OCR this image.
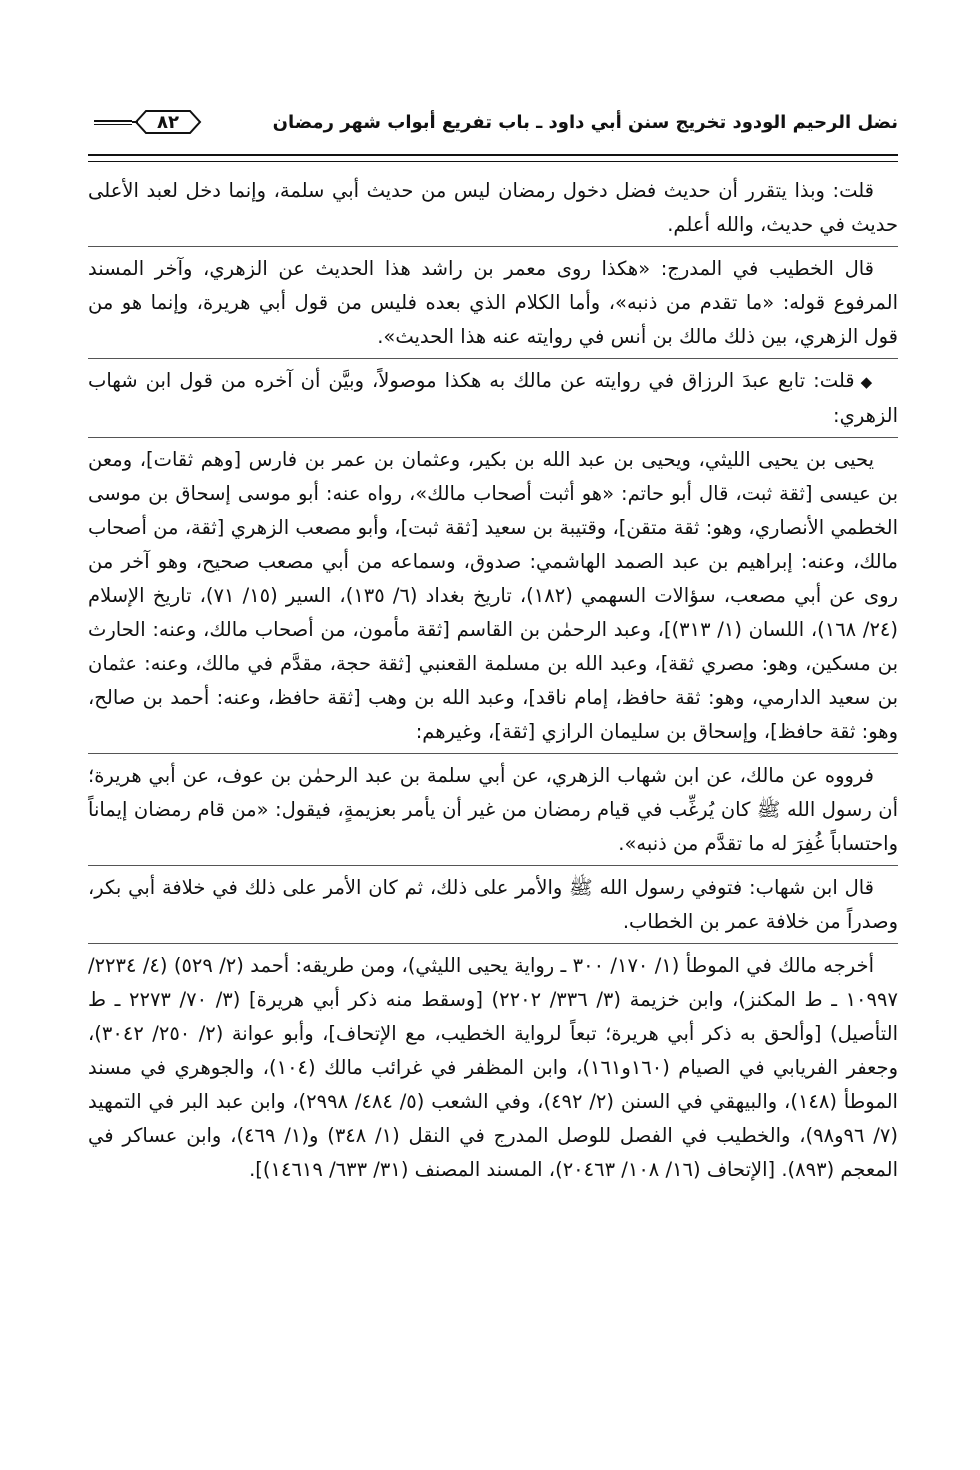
نضل الرحيم الودود تخريج سنن أبي داود ـ باب تفريع أبواب شهر رمضان
٨٢

قلت: وبذا يتقرر أن حديث فضل دخول رمضان ليس من حديث أبي سلمة، وإنما دخل لعبد الأعلى حديث في حديث، والله أعلم.

قال الخطيب في المدرج: «هكذا روى معمر بن راشد هذا الحديث عن الزهري، وآخر المسند المرفوع قوله: «ما تقدم من ذنبه»، وأما الكلام الذي بعده فليس من قول أبي هريرة، وإنما هو من قول الزهري، بين ذلك مالك بن أنس في روايته عنه هذا الحديث».

◆قلت: تابع عبدَ الرزاق في روايته عن مالك به هكذا موصولاً، وبيَّن أن آخره من قول ابن شهاب الزهري:

يحيى بن يحيى الليثي، ويحيى بن عبد الله بن بكير، وعثمان بن عمر بن فارس [وهم ثقات]، ومعن بن عيسى [ثقة ثبت، قال أبو حاتم: «هو أثبت أصحاب مالك»، رواه عنه: أبو موسى إسحاق بن موسى الخطمي الأنصاري، وهو: ثقة متقن]، وقتيبة بن سعيد [ثقة ثبت]، وأبو مصعب الزهري [ثقة، من أصحاب مالك، وعنه: إبراهيم بن عبد الصمد الهاشمي: صدوق، وسماعه من أبي مصعب صحيح، وهو آخر من روى عن أبي مصعب، سؤالات السهمي (١٨٢)، تاريخ بغداد (٦/ ١٣٥)، السير (١٥/ ٧١)، تاريخ الإسلام (٢٤/ ١٦٨)، اللسان (١/ ٣١٣)]، وعبد الرحمٰن بن القاسم [ثقة مأمون، من أصحاب مالك، وعنه: الحارث بن مسكين، وهو: مصري ثقة]، وعبد الله بن مسلمة القعنبي [ثقة حجة، مقدَّم في مالك، وعنه: عثمان بن سعيد الدارمي، وهو: ثقة حافظ، إمام ناقد]، وعبد الله بن وهب [ثقة حافظ، وعنه: أحمد بن صالح، وهو: ثقة حافظ]، وإسحاق بن سليمان الرازي [ثقة]، وغيرهم:

فرووه عن مالك، عن ابن شهاب الزهري، عن أبي سلمة بن عبد الرحمٰن بن عوف، عن أبي هريرة؛ أن رسول الله ﷺ كان يُرغِّب في قيام رمضان من غير أن يأمر بعزيمةٍ، فيقول: «من قام رمضان إيماناً واحتساباً غُفِرَ له ما تقدَّم من ذنبه».

قال ابن شهاب: فتوفي رسول الله ﷺ والأمر على ذلك، ثم كان الأمر على ذلك في خلافة أبي بكر، وصدراً من خلافة عمر بن الخطاب.

أخرجه مالك في الموطأ (١/ ١٧٠/ ٣٠٠ ـ رواية يحيى الليثي)، ومن طريقه: أحمد (٢/ ٥٢٩) (٤/ ٢٢٣٤/ ١٠٩٩٧ ـ ط المكنز)، وابن خزيمة (٣/ ٣٣٦/ ٢٢٠٢) [وسقط منه ذكر أبي هريرة] (٣/ ٧٠/ ٢٢٧٣ ـ ط التأصيل) [وألحق به ذكر أبي هريرة؛ تبعاً لرواية الخطيب، مع الإتحاف]، وأبو عوانة (٢/ ٢٥٠/ ٣٠٤٢)، وجعفر الفريابي في الصيام (١٦٠و١٦١)، وابن المظفر في غرائب مالك (١٠٤)، والجوهري في مسند الموطأ (١٤٨)، والبيهقي في السنن (٢/ ٤٩٢)، وفي الشعب (٥/ ٤٨٤/ ٢٩٩٨)، وابن عبد البر في التمهيد (٧/ ٩٦و٩٨)، والخطيب في الفصل للوصل المدرج في النقل (١/ ٣٤٨) و(١/ ٤٦٩)، وابن عساكر في المعجم (٨٩٣). [الإتحاف (١٦/ ١٠٨/ ٢٠٤٦٣)، المسند المصنف (٣١/ ٦٣٣/ ١٤٦١٩)].
